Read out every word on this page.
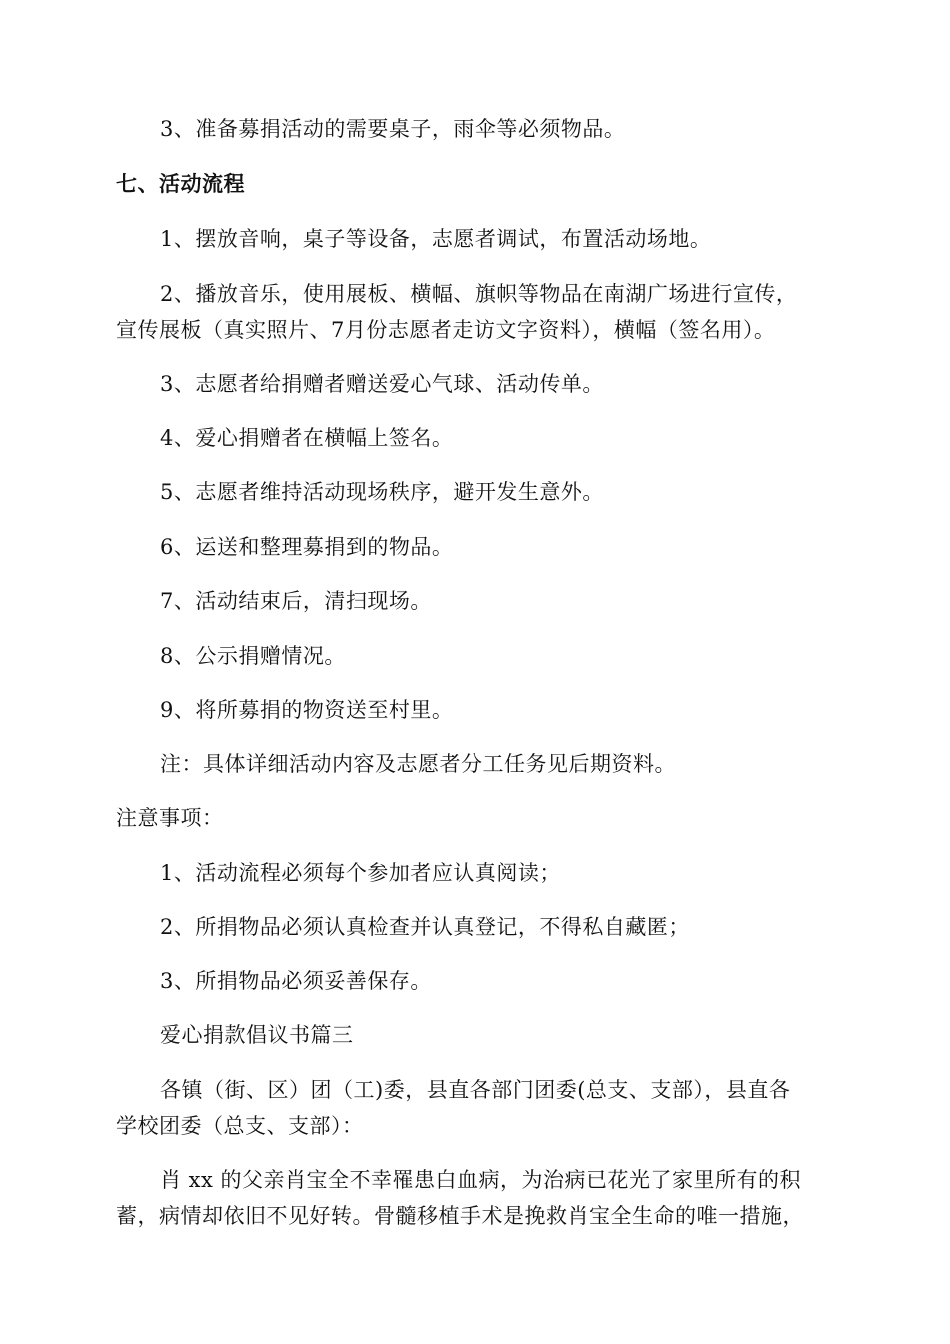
3、准备募捐活动的需要桌子，雨伞等必须物品。
七、活动流程
1、摆放音响，桌子等设备，志愿者调试，布置活动场地。
2、播放音乐，使用展板、横幅、旗帜等物品在南湖广场进行宣传，
宣传展板（真实照片、7月份志愿者走访文字资料），横幅（签名用）。
3、志愿者给捐赠者赠送爱心气球、活动传单。
4、爱心捐赠者在横幅上签名。
5、志愿者维持活动现场秩序，避开发生意外。
6、运送和整理募捐到的物品。
7、活动结束后，清扫现场。
8、公示捐赠情况。
9、将所募捐的物资送至村里。
注：具体详细活动内容及志愿者分工任务见后期资料。
注意事项：
1、活动流程必须每个参加者应认真阅读；
2、所捐物品必须认真检查并认真登记，不得私自藏匿；
3、所捐物品必须妥善保存。
爱心捐款倡议书篇三
各镇（街、区）团（工)委，县直各部门团委(总支、支部），县直各
学校团委（总支、支部）：
肖 xx 的父亲肖宝全不幸罹患白血病，为治病已花光了家里所有的积
蓄，病情却依旧不见好转。骨髓移植手术是挽救肖宝全生命的唯一措施，
